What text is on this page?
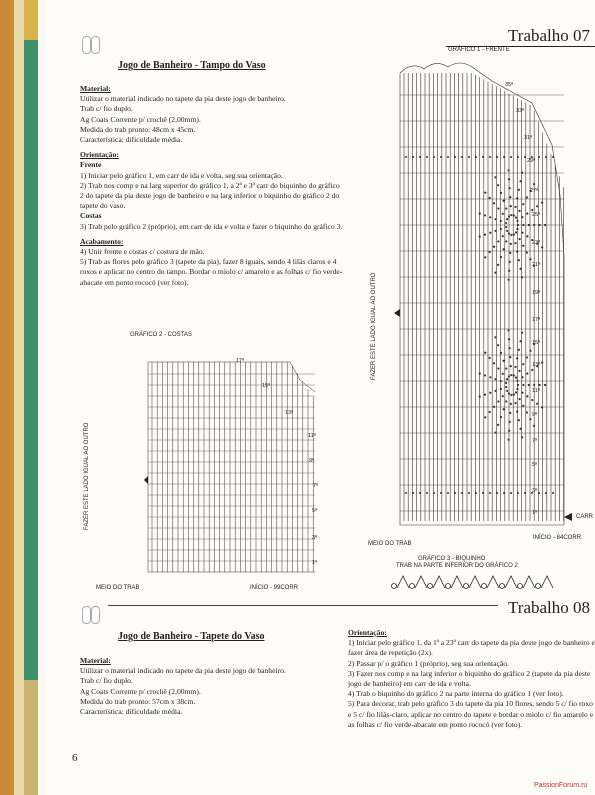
Trabalho 07
Jogo de Banheiro - Tampo do Vaso
Material:
Utilizar o material indicado no tapete da pia deste jogo de banheiro.
Trab c/ fio duplo.
Ag Coats Corrente p/ crochê (2,00mm).
Medida do trab pronto: 48cm x 45cm.
Característica: dificuldade média.

Orientação:
Frente
1) Iniciar pelo gráfico 1, em carr de ida e volta, seg sua orientação.
2) Trab nos comp e na larg superior do gráfico 1, a 2ª e 3ª carr do biquinho do gráfico 2 do tapete da pia deste jogo de banheiro e na larg inferior o biquinho do gráfico 2 do tapete do vaso.
Costas
3) Trab pelo gráfico 2 (próprio), em carr de ida e volta e fazer o biquinho do gráfico 3.

Acabamento:
4) Unir frente e costas c/ costura de mão.
5) Trab as flores pelo gráfico 3 (tapete da pia), fazer 8 iguais, sendo 4 lilás claros e 4 roxos e aplicar no centro do tampo. Bordar o miolo c/ amarelo e as folhas c/ fio verde-abacate em ponto rococó (ver foto).
GRÁFICO 1 - FRENTE
FAZER ESTE LADO IGUAL AO OUTRO
MEIO DO TRAB
INÍCIO - 84CORR
CARR
35ª
33ª
31ª
29ª
27ª
25ª
23ª
21ª
19ª
17ª
15ª
13ª
11ª
9ª
7ª
5ª
3ª
1ª
GRÁFICO 2 - COSTAS
FAZER ESTE LADO IGUAL AO OUTRO
MEIO DO TRAB	INÍCIO - 99CORR
17ª
15ª
13ª
11ª
9ª
7ª
5ª
3ª
1ª
GRÁFICO 3 - BIQUINHO
TRAB NA PARTE INFERIOR DO GRÁFICO 2
Trabalho 08
Jogo de Banheiro - Tapete do Vaso
Material:
Utilizar o material indicado no tapete da pia deste jogo de banheiro.
Trab c/ fio duplo.
Ag Coats Corrente p/ crochê (2,00mm).
Medida do trab pronto: 57cm x 38cm.
Característica: dificuldade média.
Orientação:
1) Iniciar pelo gráfico 1, da 1ª a 23ª carr do tapete da pia deste jogo de banheiro e fazer área de repetição (2x).
2) Passar p/ o gráfico 1 (próprio), seg sua orientação.
3) Fazer nos comp e na larg inferior o biquinho do gráfico 2 (tapete da pia deste jogo de banheiro) em carr de ida e volta.
4) Trab o biquinho do gráfico 2 na parte interna do gráfico 1 (ver foto).
5) Para decorar, trab pelo gráfico 3 do tapete da pia 10 flores, sendo 5 c/ fio roxo e 5 c/ fio lilás-claro, aplicar no centro do tapete e bordar o miolo c/ fio amarelo e as folhas c/ fio verde-abacate em ponto rococó (ver foto).
6
PassionForum.ru
